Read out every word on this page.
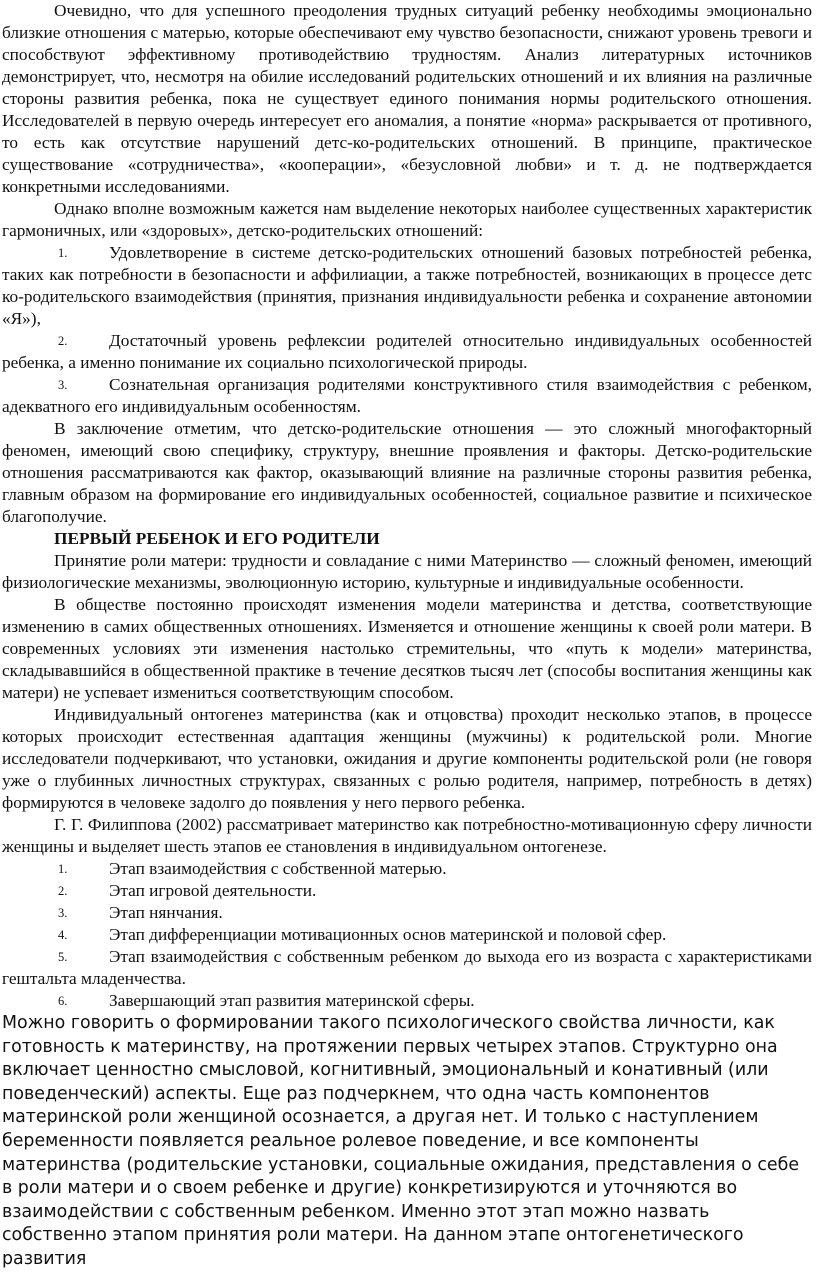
Очевидно, что для успешного преодоления трудных ситуаций ребенку необходимы эмоционально близкие отношения с матерью, которые обеспечивают ему чувство безопасности, снижают уровень тревоги и способствуют эффективному противодействию трудностям. Анализ литературных источников демонстрирует, что, несмотря на обилие исследований родительских отношений и их влияния на различные стороны развития ребенка, пока не существует единого понимания нормы родительского отношения. Исследователей в первую очередь интересует его аномалия, а понятие «норма» раскрывается от противного, то есть как отсутствие нарушений детс-ко-родительских отношений. В принципе, практическое существование «сотрудничества», «кооперации», «безусловной любви» и т. д. не подтверждается конкретными исследованиями.

Однако вполне возможным кажется нам выделение некоторых наиболее существенных характеристик гармоничных, или «здоровых», детско-родительских отношений:

1. Удовлетворение в системе детско-родительских отношений базовых потребностей ребенка, таких как потребности в безопасности и аффилиации, а также потребностей, возникающих в процессе детс ко-родительского взаимодействия (принятия, признания индивидуальности ребенка и сохранение автономии «Я»),

2. Достаточный уровень рефлексии родителей относительно индивидуальных особенностей ребенка, а именно понимание их социально психологической природы.

3. Сознательная организация родителями конструктивного стиля взаимодействия с ребенком, адекватного его индивидуальным особенностям.

В заключение отметим, что детско-родительские отношения — это сложный многофакторный феномен, имеющий свою специфику, структуру, внешние проявления и факторы. Детско-родительские отношения рассматриваются как фактор, оказывающий влияние на различные стороны развития ребенка, главным образом на формирование его индивидуальных особенностей, социальное развитие и психическое благополучие.

ПЕРВЫЙ РЕБЕНОК И ЕГО РОДИТЕЛИ

Принятие роли матери: трудности и совладание с ними Материнство — сложный феномен, имеющий физиологические механизмы, эволюционную историю, культурные и индивидуальные особенности.

В обществе постоянно происходят изменения модели материнства и детства, соответствующие изменению в самих общественных отношениях. Изменяется и отношение женщины к своей роли матери. В современных условиях эти изменения настолько стремительны, что «путь к модели» материнства, складывавшийся в общественной практике в течение десятков тысяч лет (способы воспитания женщины как матери) не успевает измениться соответствующим способом.

Индивидуальный онтогенез материнства (как и отцовства) проходит несколько этапов, в процессе которых происходит естественная адаптация женщины (мужчины) к родительской роли. Многие исследователи подчеркивают, что установки, ожидания и другие компоненты родительской роли (не говоря уже о глубинных личностных структурах, связанных с ролью родителя, например, потребность в детях) формируются в человеке задолго до появления у него первого ребенка.

Г. Г. Филиппова (2002) рассматривает материнство как потребностно-мотивационную сферу личности женщины и выделяет шесть этапов ее становления в индивидуальном онтогенезе.

1. Этап взаимодействия с собственной матерью.

2. Этап игровой деятельности.

3. Этап нянчания.

4. Этап дифференциации мотивационных основ материнской и половой сфер.

5. Этап взаимодействия с собственным ребенком до выхода его из возраста с характеристиками гештальта младенчества.

6. Завершающий этап развития материнской сферы.

Можно говорить о формировании такого психологического свойства личности, как готовность к материнству, на протяжении первых четырех этапов. Структурно она включает ценностно смысловой, когнитивный, эмоциональный и конативный (или поведенческий) аспекты. Еще раз подчеркнем, что одна часть компонентов материнской роли женщиной осознается, а другая нет. И только с наступлением беременности появляется реальное ролевое поведение, и все компоненты материнства (родительские установки, социальные ожидания, представления о себе в роли матери и о своем ребенке и другие) конкретизируются и уточняются во взаимодействии с собственным ребенком. Именно этот этап можно назвать собственно этапом принятия роли матери. На данном этапе онтогенетического развития
